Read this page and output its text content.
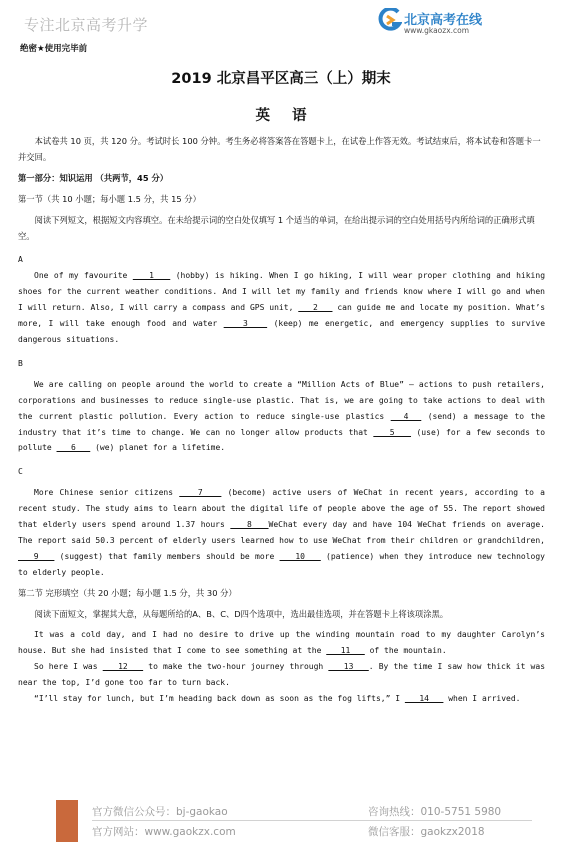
专注北京高考升学	北京高考在线
www.gkaozx.com
绝密★使用完毕前
2019 北京昌平区高三（上）期末
英语

本试卷共 10 页，共 120 分。考试时长 100 分钟。考生务必将答案答在答题卡上，在试卷上作答无效。考试结束后，将本试卷和答题卡一并交回。

第一部分：知识运用 （共两节，45 分）

第一节（共 10 小题；每小题 1.5 分，共 15 分）

阅读下列短文，根据短文内容填空。在未给提示词的空白处仅填写 1 个适当的单词，在给出提示词的空白处用括号内所给词的正确形式填空。

A

One of my favourite    1    (hobby) is hiking. When I go hiking, I will wear proper clothing and hiking shoes for the current weather conditions. And I will let my family and friends know where I will go and when I will return. Also, I will carry a compass and GPS unit,    2    can guide me and locate my position. What’s more, I will take enough food and water    3    (keep) me energetic, and emergency supplies to survive dangerous situations.

B

We are calling on people around the world to create a “Million Acts of Blue” — actions to push retailers, corporations and businesses to reduce single-use plastic. That is, we are going to take actions to deal with the current plastic pollution. Every action to reduce single-use plastics   4   (send) a message to the industry that it’s time to change. We can no longer allow products that    5    (use) for a few seconds to pollute    6    (we) planet for a lifetime.

C

More Chinese senior citizens    7    (become) active users of WeChat in recent years, according to a recent study. The study aims to learn about the digital life of people above the age of 55. The report showed that elderly users spend around 1.37 hours    8   WeChat every day and have 104 WeChat friends on average. The report said 50.3 percent of elderly users learned how to use WeChat from their children or grandchildren,    9    (suggest) that family members should be more    10    (patience) when they introduce new technology to elderly people.

第二节 完形填空（共 20 小题；每小题 1.5 分，共 30 分）

阅读下面短文，掌握其大意，从每题所给的A、B、C、D四个选项中，选出最佳选项，并在答题卡上将该项涂黑。

It was a cold day, and I had no desire to drive up the winding mountain road to my daughter Carolyn’s house. But she had insisted that I come to see something at the    11    of the mountain.

So here I was    12    to make the two-hour journey through    13   . By the time I saw how thick it was near the top, I’d gone too far to turn back.

“I’ll stay for lunch, but I’m heading back down as soon as the fog lifts,” I    14    when I arrived.

官方微信公众号：bj-gaokao
官方网站：www.gaokzx.com
咨询热线：010-5751 5980
微信客服：gaokzx2018
